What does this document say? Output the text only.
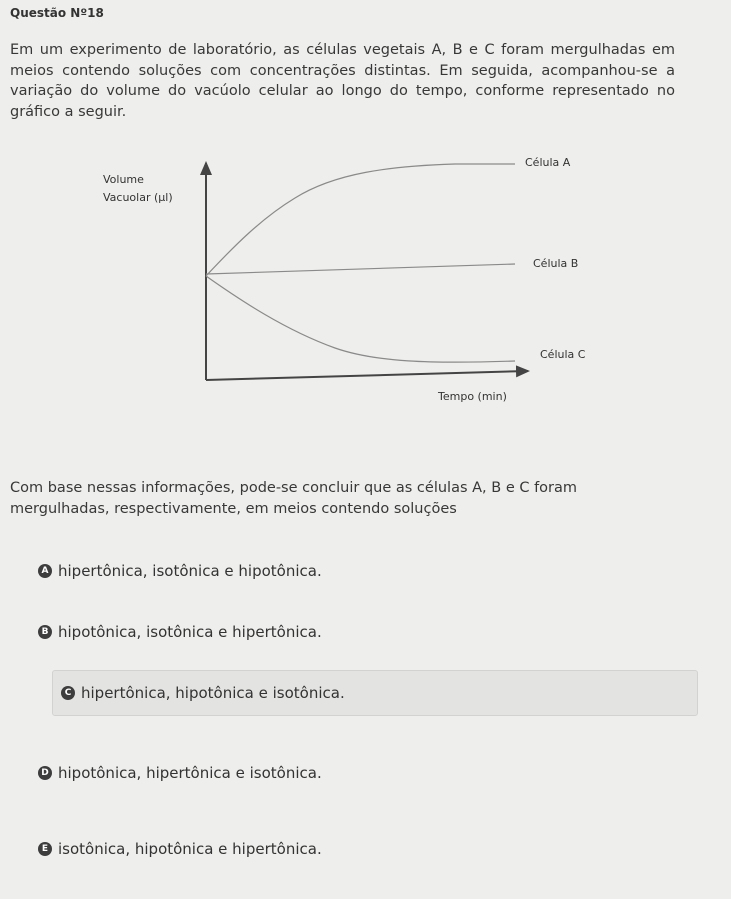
Questão Nº18
Em um experimento de laboratório, as células vegetais A, B e C foram mergulhadas em meios contendo soluções com concentrações distintas. Em seguida, acompanhou-se a variação do volume do vacúolo celular ao longo do tempo, conforme representado no gráfico a seguir.
Volume
Vacuolar (µl)
Tempo (min)
Célula A
Célula B
Célula C
Com base nessas informações, pode-se concluir que as células A, B e C foram mergulhadas, respectivamente, em meios contendo soluções
A hipertônica, isotônica e hipotônica.
B hipotônica, isotônica e hipertônica.
C hipertônica, hipotônica e isotônica.
D hipotônica, hipertônica e isotônica.
E isotônica, hipotônica e hipertônica.
